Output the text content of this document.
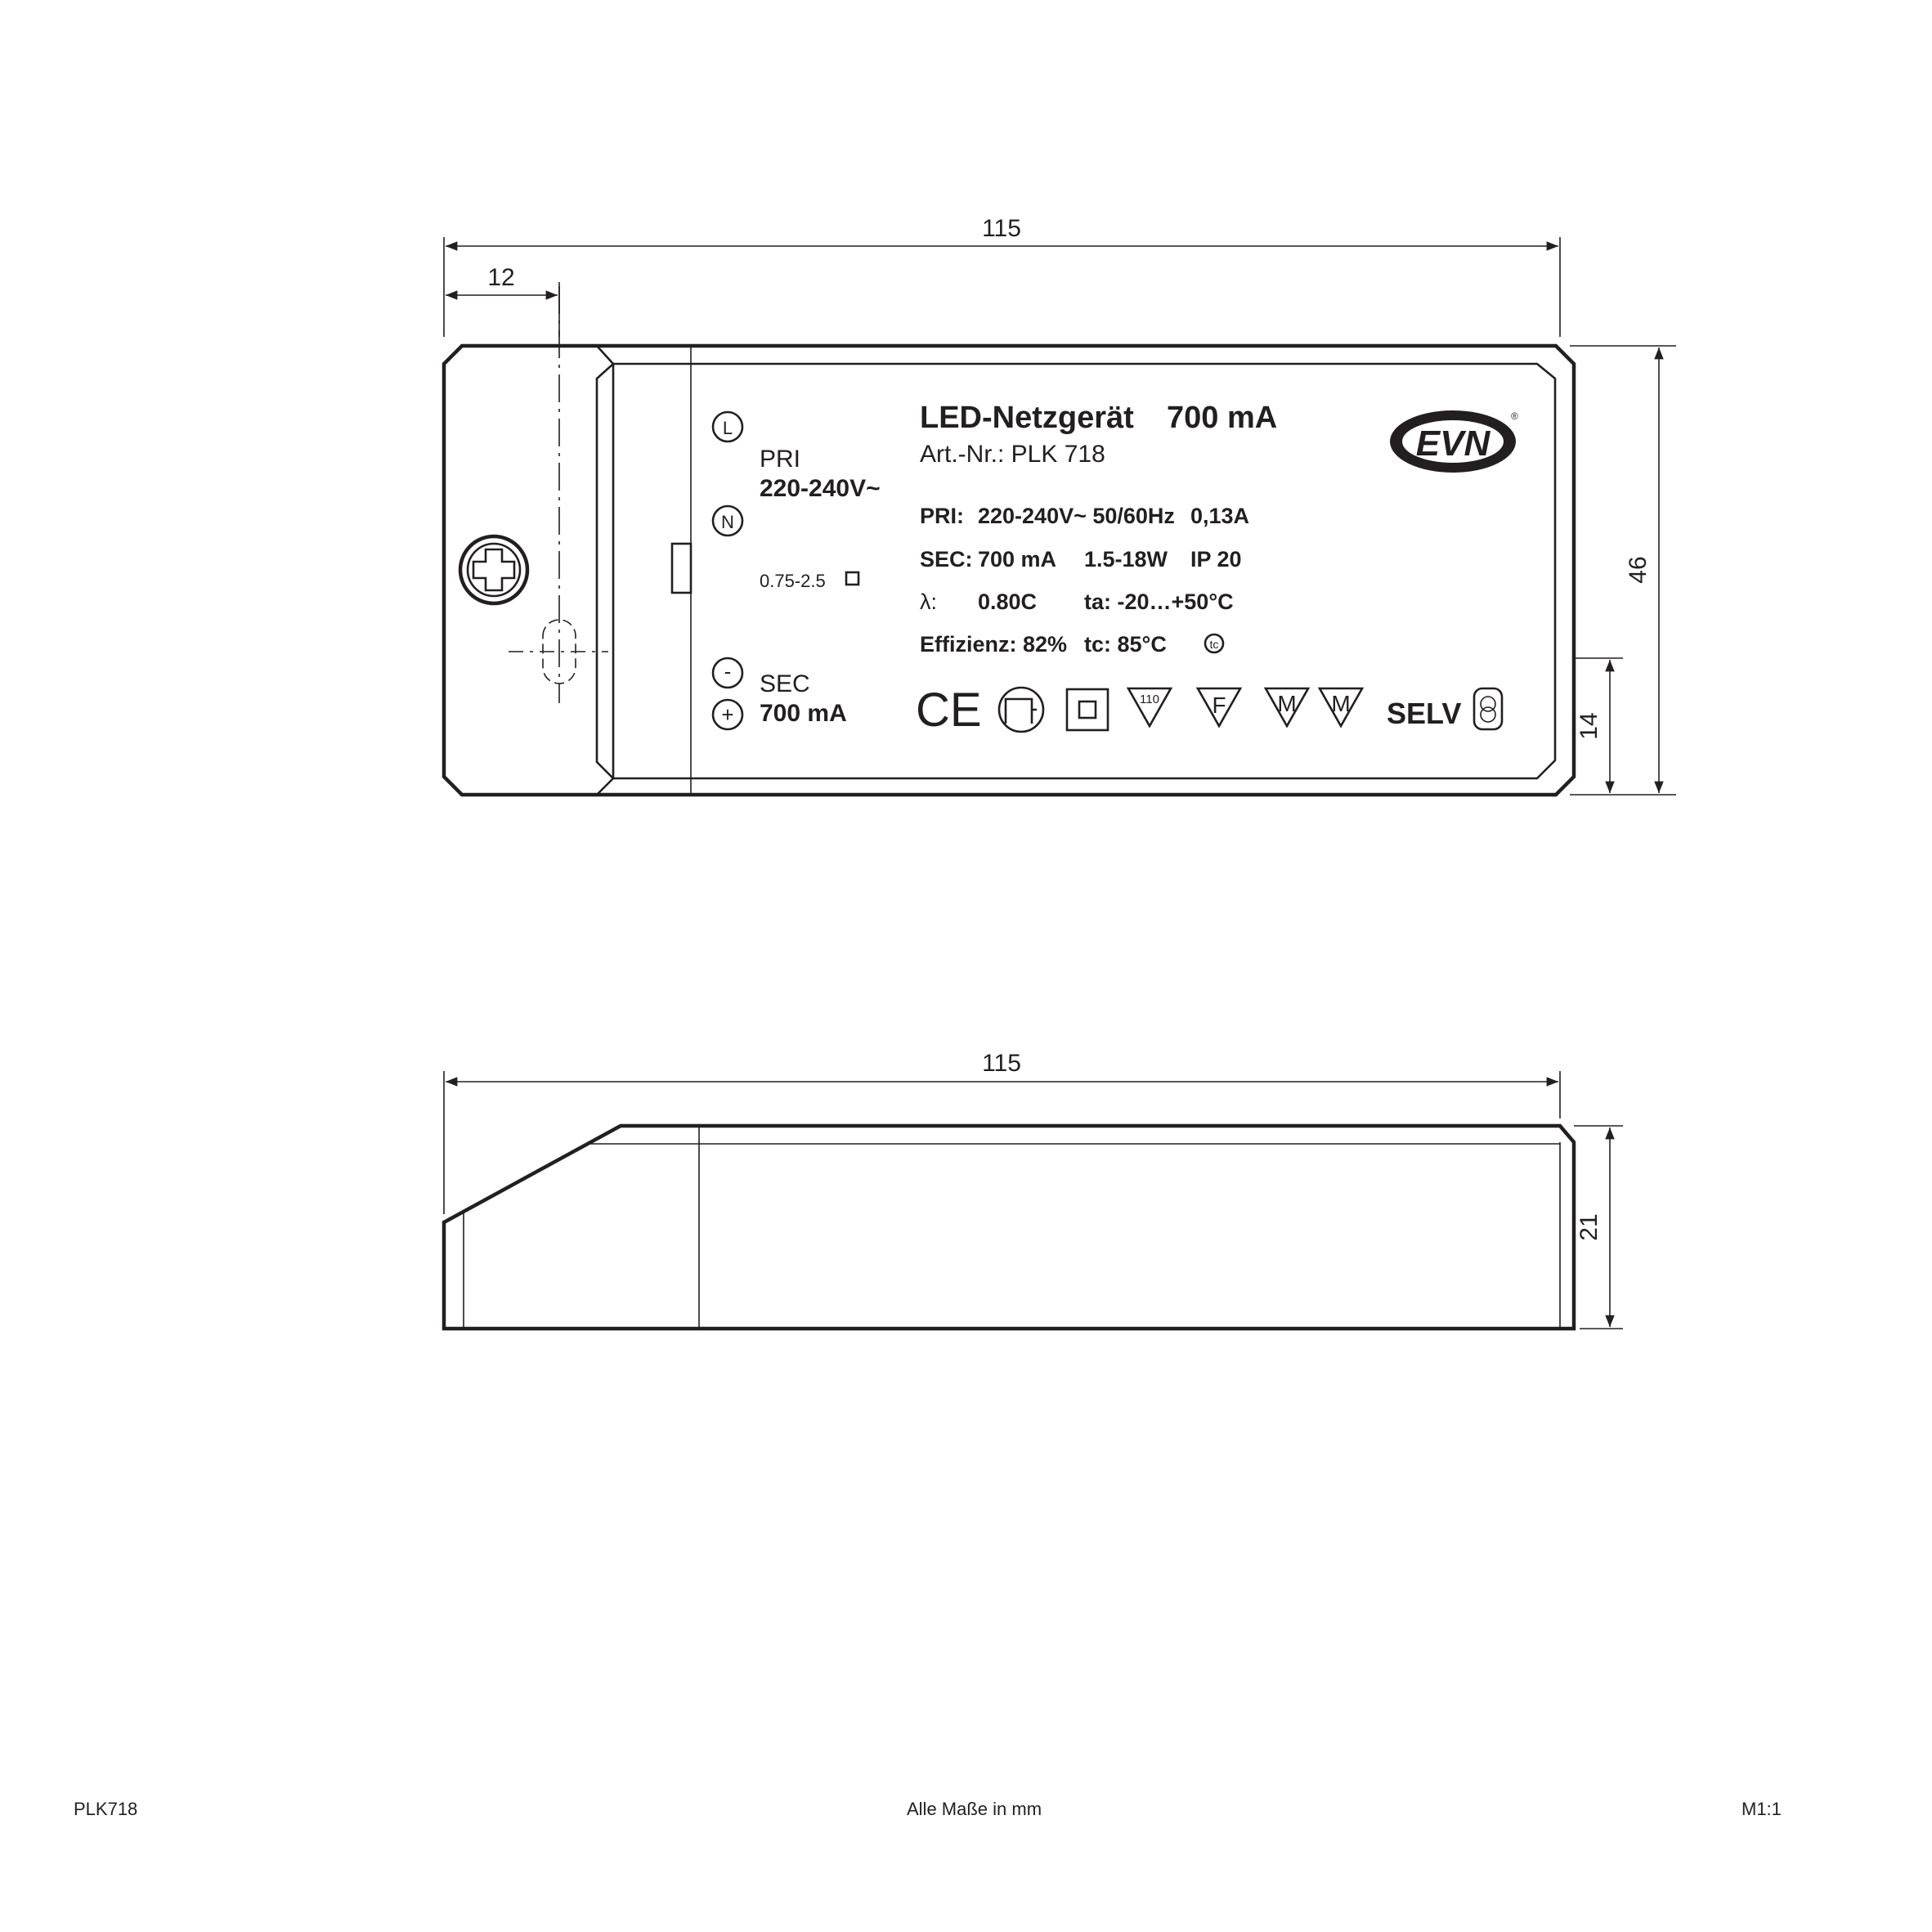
115
12
46
14
L
PRI
220-240V~
N
0.75-2.5
- SEC
+ 700 mA
LED-Netzgerät 700 mA
Art.-Nr.: PLK 718
PRI: 220-240V~ 50/60Hz 0,13A
SEC: 700 mA 1.5-18W IP 20
λ: 0.80C ta: -20…+50°C
Effizienz: 82% tc: 85°C	tc
EVN
®
CE	110 F M M SELV
115
21
PLK718	Alle Maße in mm	M1:1
